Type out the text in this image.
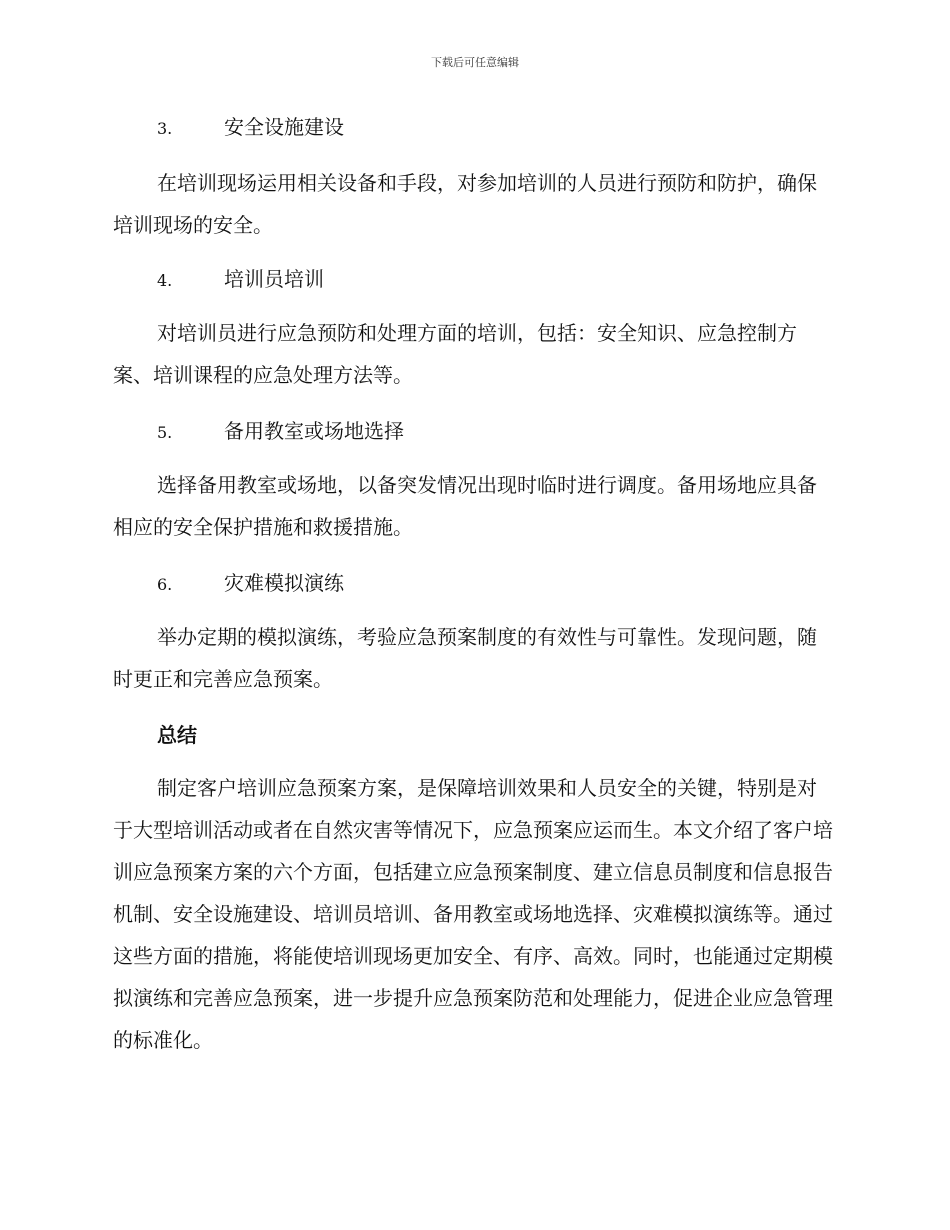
下载后可任意编辑
3.	安全设施建设

在培训现场运用相关设备和手段，对参加培训的人员进行预防和防护，确保培训现场的安全。

4.	培训员培训

对培训员进行应急预防和处理方面的培训，包括：安全知识、应急控制方案、培训课程的应急处理方法等。

5.	备用教室或场地选择

选择备用教室或场地，以备突发情况出现时临时进行调度。备用场地应具备相应的安全保护措施和救援措施。

6.	灾难模拟演练

举办定期的模拟演练，考验应急预案制度的有效性与可靠性。发现问题，随时更正和完善应急预案。

总结

制定客户培训应急预案方案，是保障培训效果和人员安全的关键，特别是对于大型培训活动或者在自然灾害等情况下，应急预案应运而生。本文介绍了客户培训应急预案方案的六个方面，包括建立应急预案制度、建立信息员制度和信息报告机制、安全设施建设、培训员培训、备用教室或场地选择、灾难模拟演练等。通过这些方面的措施，将能使培训现场更加安全、有序、高效。同时，也能通过定期模拟演练和完善应急预案，进一步提升应急预案防范和处理能力，促进企业应急管理的标准化。
